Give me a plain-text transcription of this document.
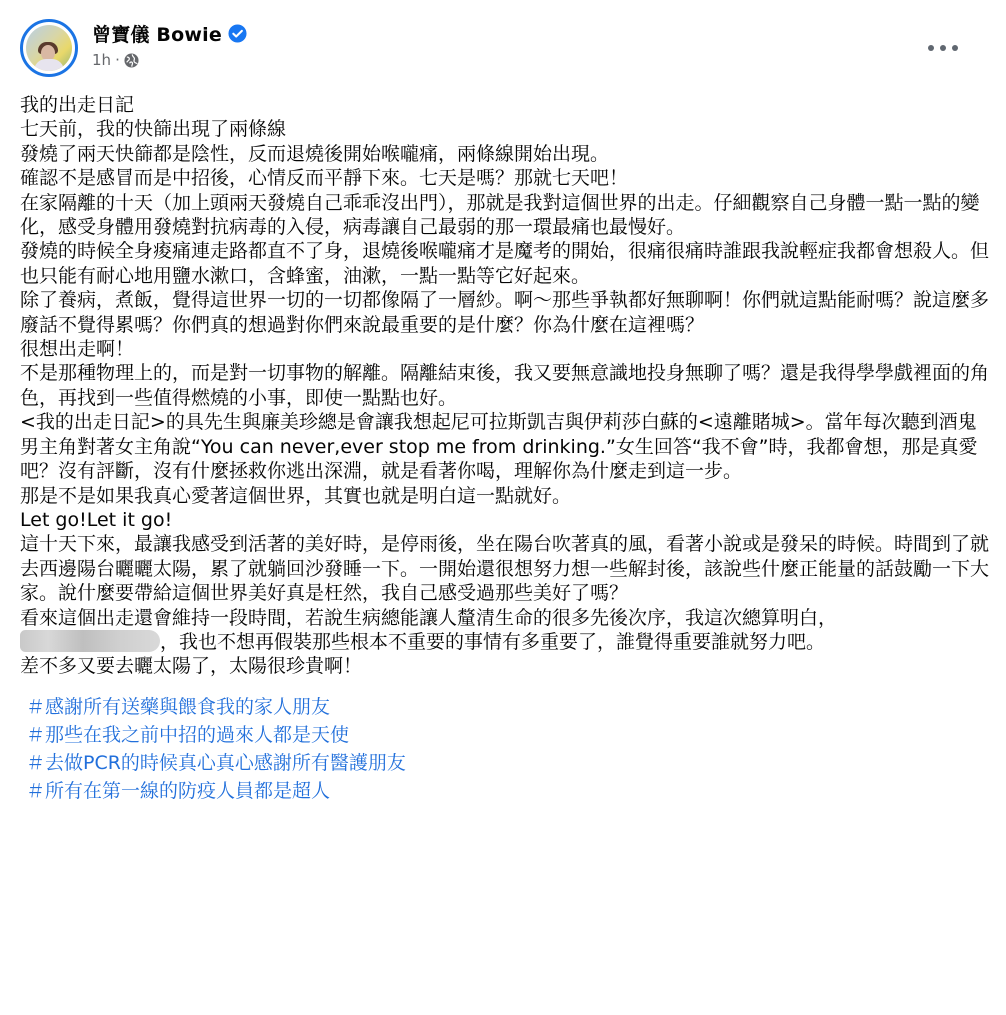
曾寶儀 Bowie
1h ·

我的出走日記

七天前，我的快篩出現了兩條線

發燒了兩天快篩都是陰性，反而退燒後開始喉嚨痛，兩條線開始出現。

確認不是感冒而是中招後，心情反而平靜下來。七天是嗎？那就七天吧！

在家隔離的十天（加上頭兩天發燒自己乖乖沒出門），那就是我對這個世界的出走。仔細觀察自己身體一點一點的變化，感受身體用發燒對抗病毒的入侵，病毒讓自己最弱的那一環最痛也最慢好。

發燒的時候全身痠痛連走路都直不了身，退燒後喉嚨痛才是魔考的開始，很痛很痛時誰跟我說輕症我都會想殺人。但也只能有耐心地用鹽水漱口，含蜂蜜，油漱，一點一點等它好起來。

除了養病，煮飯，覺得這世界一切的一切都像隔了一層紗。啊～那些爭執都好無聊啊！你們就這點能耐嗎？說這麼多廢話不覺得累嗎？你們真的想過對你們來說最重要的是什麼？你為什麼在這裡嗎？

很想出走啊！

不是那種物理上的，而是對一切事物的解離。隔離結束後，我又要無意識地投身無聊了嗎？還是我得學學戲裡面的角色，再找到一些值得燃燒的小事，即使一點點也好。

<我的出走日記>的具先生與廉美珍總是會讓我想起尼可拉斯凱吉與伊莉莎白蘇的<遠離賭城>。當年每次聽到酒鬼男主角對著女主角說“You can never,ever stop me from drinking.”女生回答“我不會”時，我都會想，那是真愛吧？沒有評斷，沒有什麼拯救你逃出深淵，就是看著你喝，理解你為什麼走到這一步。

那是不是如果我真心愛著這個世界，其實也就是明白這一點就好。

Let go!Let it go!

這十天下來，最讓我感受到活著的美好時，是停雨後，坐在陽台吹著真的風，看著小說或是發呆的時候。時間到了就去西邊陽台曬曬太陽，累了就躺回沙發睡一下。一開始還很想努力想一些解封後，該說些什麼正能量的話鼓勵一下大家。說什麼要帶給這個世界美好真是枉然，我自己感受過那些美好了嗎？

看來這個出走還會維持一段時間，若說生病總能讓人釐清生命的很多先後次序，我這次總算明白，

，我也不想再假裝那些根本不重要的事情有多重要了，誰覺得重要誰就努力吧。

差不多又要去曬太陽了，太陽很珍貴啊！

＃感謝所有送藥與餵食我的家人朋友
＃那些在我之前中招的過來人都是天使
＃去做PCR的時候真心真心感謝所有醫護朋友
＃所有在第一線的防疫人員都是超人
